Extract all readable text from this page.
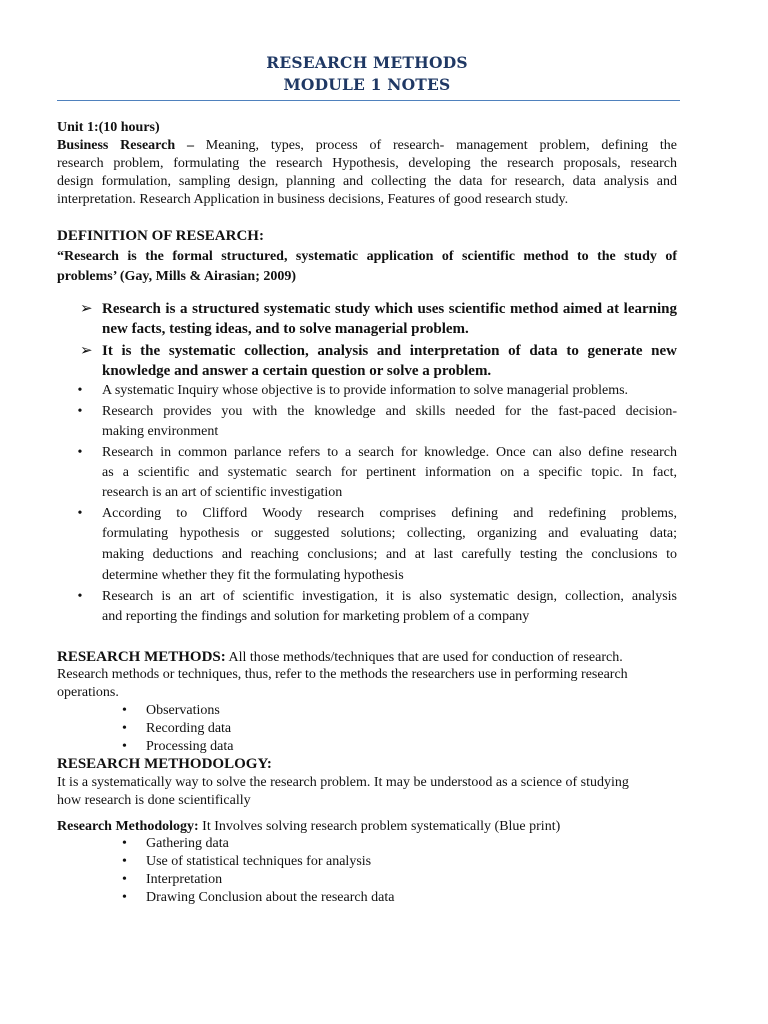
RESEARCH METHODS
MODULE 1 NOTES
Unit 1:(10 hours)
Business Research – Meaning, types, process of research- management problem, defining the
research problem, formulating the research Hypothesis, developing the research proposals, research
design formulation, sampling design, planning and collecting the data for research, data analysis and
interpretation. Research Application in business decisions, Features of good research study.
DEFINITION OF RESEARCH:
“Research is the formal structured, systematic application of scientific method to the study of
problems’ (Gay, Mills & Airasian; 2009)
➢ Research is a structured systematic study which uses scientific method aimed at learning
new facts, testing ideas, and to solve managerial problem.
➢ It is the systematic collection, analysis and interpretation of data to generate new
knowledge and answer a certain question or solve a problem.
•	A systematic Inquiry whose objective is to provide information to solve managerial problems.
•	Research provides you with the knowledge and skills needed for the fast-paced decision-
making environment
•	Research in common parlance refers to a search for knowledge. Once can also define research
as a scientific and systematic search for pertinent information on a specific topic. In fact,
research is an art of scientific investigation
•	According to Clifford Woody research comprises defining and redefining problems,
formulating hypothesis or suggested solutions; collecting, organizing and evaluating data;
making deductions and reaching conclusions; and at last carefully testing the conclusions to
determine whether they fit the formulating hypothesis
•	Research is an art of scientific investigation, it is also systematic design, collection, analysis
and reporting the findings and solution for marketing problem of a company
RESEARCH METHODS: All those methods/techniques that are used for conduction of research.
Research methods or techniques, thus, refer to the methods the researchers use in performing research
operations.
• Observations
• Recording data
• Processing data
RESEARCH METHODOLOGY:
It is a systematically way to solve the research problem. It may be understood as a science of studying
how research is done scientifically
Research Methodology: It Involves solving research problem systematically (Blue print)
• Gathering data
• Use of statistical techniques for analysis
• Interpretation
• Drawing Conclusion about the research data
